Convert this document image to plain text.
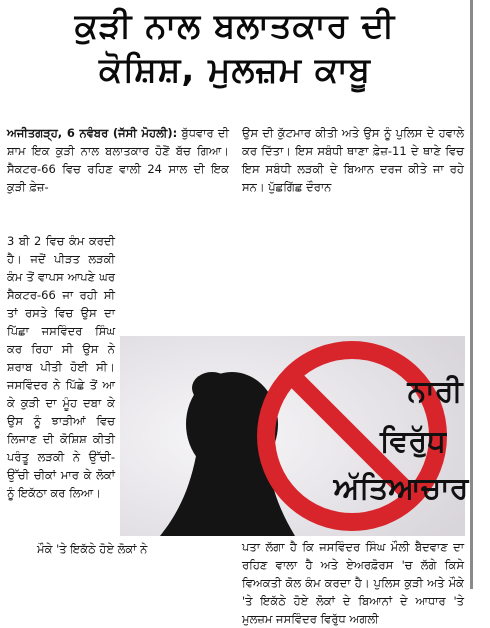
ਕੁੜੀ ਨਾਲ ਬਲਾਤਕਾਰ ਦੀ
ਕੋਸ਼ਿਸ਼, ਮੁਲਜ਼ਮ ਕਾਬੂ

ਅਜੀਤਗੜ੍ਹ, 6 ਨਵੰਬਰ (ਜੱਸੀ ਮੋਹਲੀ): ਬੁੱਧਵਾਰ ਦੀ ਸ਼ਾਮ ਇਕ ਕੁੜੀ ਨਾਲ ਬਲਾਤਕਾਰ ਹੋਣੋਂ ਬੱਚ ਗਿਆ। ਸੈਕਟਰ-66 ਵਿਚ ਰਹਿਣ ਵਾਲੀ 24 ਸਾਲ ਦੀ ਇਕ ਕੁੜੀ ਫ਼ੇਜ਼-

3 ਬੀ 2 ਵਿਚ ਕੰਮ ਕਰਦੀ ਹੈ। ਜਦੋਂ ਪੀੜਤ ਲੜਕੀ ਕੰਮ ਤੋਂ ਵਾਪਸ ਆਪਣੇ ਘਰ ਸੈਕਟਰ-66 ਜਾ ਰਹੀ ਸੀ ਤਾਂ ਰਸਤੇ ਵਿਚ ਉਸ ਦਾ ਪਿੱਛਾ ਜਸਵਿੰਦਰ ਸਿੰਘ ਕਰ ਰਿਹਾ ਸੀ ਉਸ ਨੇ ਸ਼ਰਾਬ ਪੀਤੀ ਹੋਈ ਸੀ। ਜਸਵਿੰਦਰ ਨੇ ਪਿੱਛੇ ਤੋਂ ਆ ਕੇ ਕੁੜੀ ਦਾ ਮੂੰਹ ਦਬਾ ਕੇ ਉਸ ਨੂੰ ਝਾੜੀਆਂ ਵਿਚ ਲਿਜਾਣ ਦੀ ਕੋਸ਼ਿਸ਼ ਕੀਤੀ ਪਰੰਤੂ ਲੜਕੀ ਨੇ ਉੱਚੀ-ਉੱਚੀ ਚੀਕਾਂ ਮਾਰ ਕੇ ਲੋਕਾਂ ਨੂੰ ਇਕੱਠਾ ਕਰ ਲਿਆ।

ਮੌਕੇ 'ਤੇ ਇਕੱਠੇ ਹੋਏ ਲੋਕਾਂ ਨੇ

ਉਸ ਦੀ ਕੁੱਟਮਾਰ ਕੀਤੀ ਅਤੇ ਉਸ ਨੂੰ ਪੁਲਿਸ ਦੇ ਹਵਾਲੇ ਕਰ ਦਿੱਤਾ। ਇਸ ਸਬੰਧੀ ਥਾਣਾ ਫ਼ੇਜ਼-11 ਦੇ ਥਾਣੇ ਵਿਚ ਇਸ ਸਬੰਧੀ ਲੜਕੀ ਦੇ ਬਿਆਨ ਦਰਜ ਕੀਤੇ ਜਾ ਰਹੇ ਸਨ। ਪੁੱਛਗਿੱਛ ਦੌਰਾਨ

ਪਤਾ ਲੱਗਾ ਹੈ ਕਿ ਜਸਵਿੰਦਰ ਸਿੰਘ ਮੌਲੀ ਬੈਦਵਾਣ ਦਾ ਰਹਿਣ ਵਾਲਾ ਹੈ ਅਤੇ ਏਅਰਫ਼ੋਰਸ 'ਚ ਲੱਗੇ ਕਿਸੇ ਵਿਅਕਤੀ ਕੋਲ ਕੰਮ ਕਰਦਾ ਹੈ। ਪੁਲਿਸ ਕੁੜੀ ਅਤੇ ਮੌਕੇ 'ਤੇ ਇਕੱਠੇ ਹੋਏ ਲੋਕਾਂ ਦੇ ਬਿਆਨਾਂ ਦੇ ਆਧਾਰ 'ਤੇ ਮੁਲਜ਼ਮ ਜਸਵਿੰਦਰ ਵਿਰੁੱਧ ਅਗਲੀ

ਨਾਰੀ
ਵਿਰੁੱਧ
ਅੱਤਿਆਚਾਰ
